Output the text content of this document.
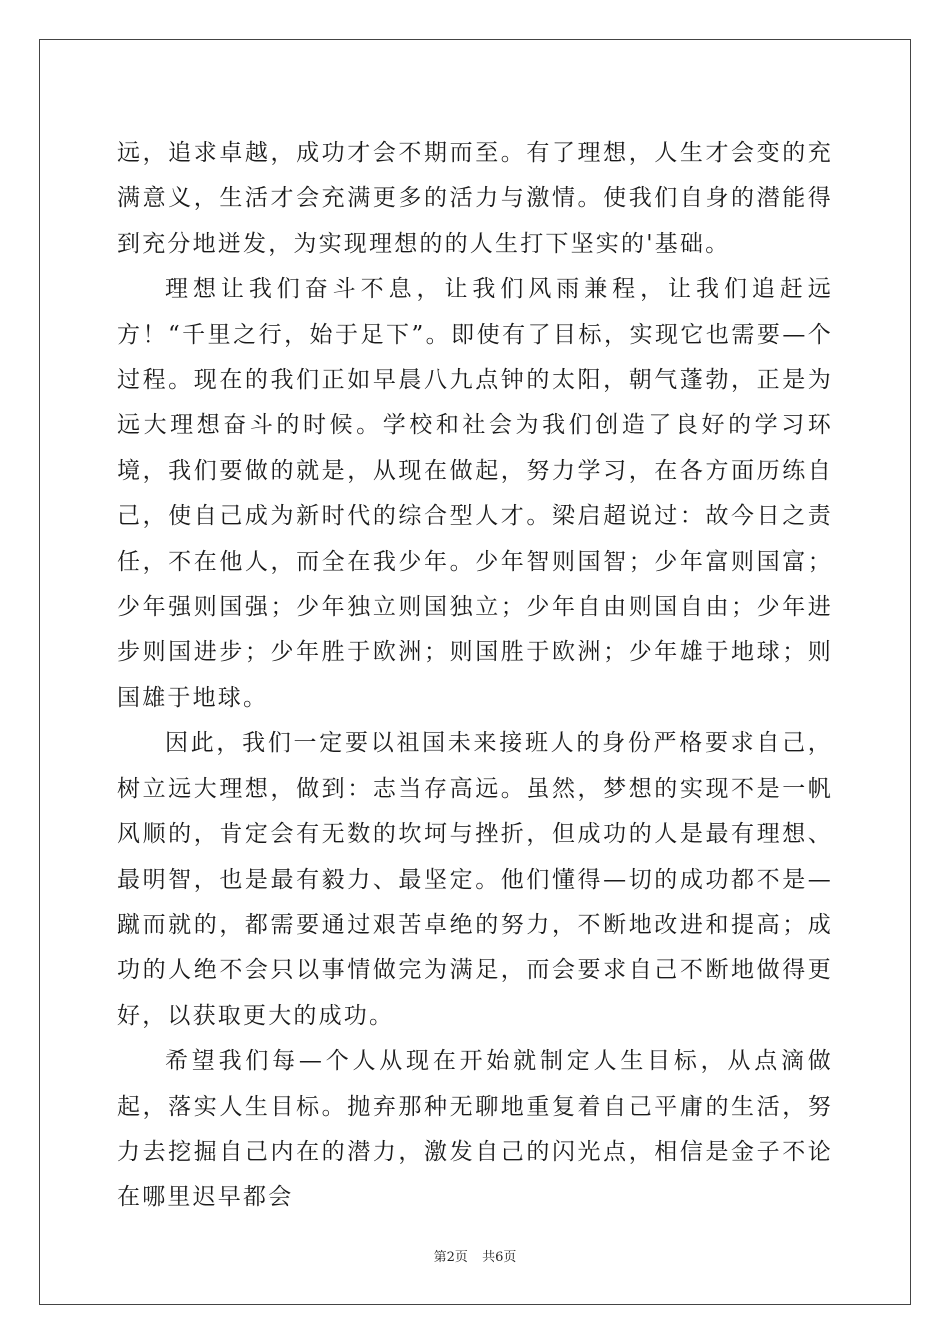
远，追求卓越，成功才会不期而至。有了理想，人生才会变的充满意义，生活才会充满更多的活力与激情。使我们自身的潜能得到充分地迸发，为实现理想的的人生打下坚实的'基础。

理想让我们奋斗不息，让我们风雨兼程，让我们追赶远方！“千里之行，始于足下”。即使有了目标，实现它也需要—个过程。现在的我们正如早晨八九点钟的太阳，朝气蓬勃，正是为远大理想奋斗的时候。学校和社会为我们创造了良好的学习环境，我们要做的就是，从现在做起，努力学习，在各方面历练自己，使自己成为新时代的综合型人才。梁启超说过：故今日之责任，不在他人，而全在我少年。少年智则国智；少年富则国富；少年强则国强；少年独立则国独立；少年自由则国自由；少年进步则国进步；少年胜于欧洲；则国胜于欧洲；少年雄于地球；则国雄于地球。

因此，我们一定要以祖国未来接班人的身份严格要求自己，树立远大理想，做到：志当存高远。虽然，梦想的实现不是一帆风顺的，肯定会有无数的坎坷与挫折，但成功的人是最有理想、最明智，也是最有毅力、最坚定。他们懂得—切的成功都不是—蹴而就的，都需要通过艰苦卓绝的努力，不断地改进和提高；成功的人绝不会只以事情做完为满足，而会要求自己不断地做得更好，以获取更大的成功。

希望我们每—个人从现在开始就制定人生目标，从点滴做起，落实人生目标。抛弃那种无聊地重复着自己平庸的生活，努力去挖掘自己内在的潜力，激发自己的闪光点，相信是金子不论在哪里迟早都会

第2页 共6页
